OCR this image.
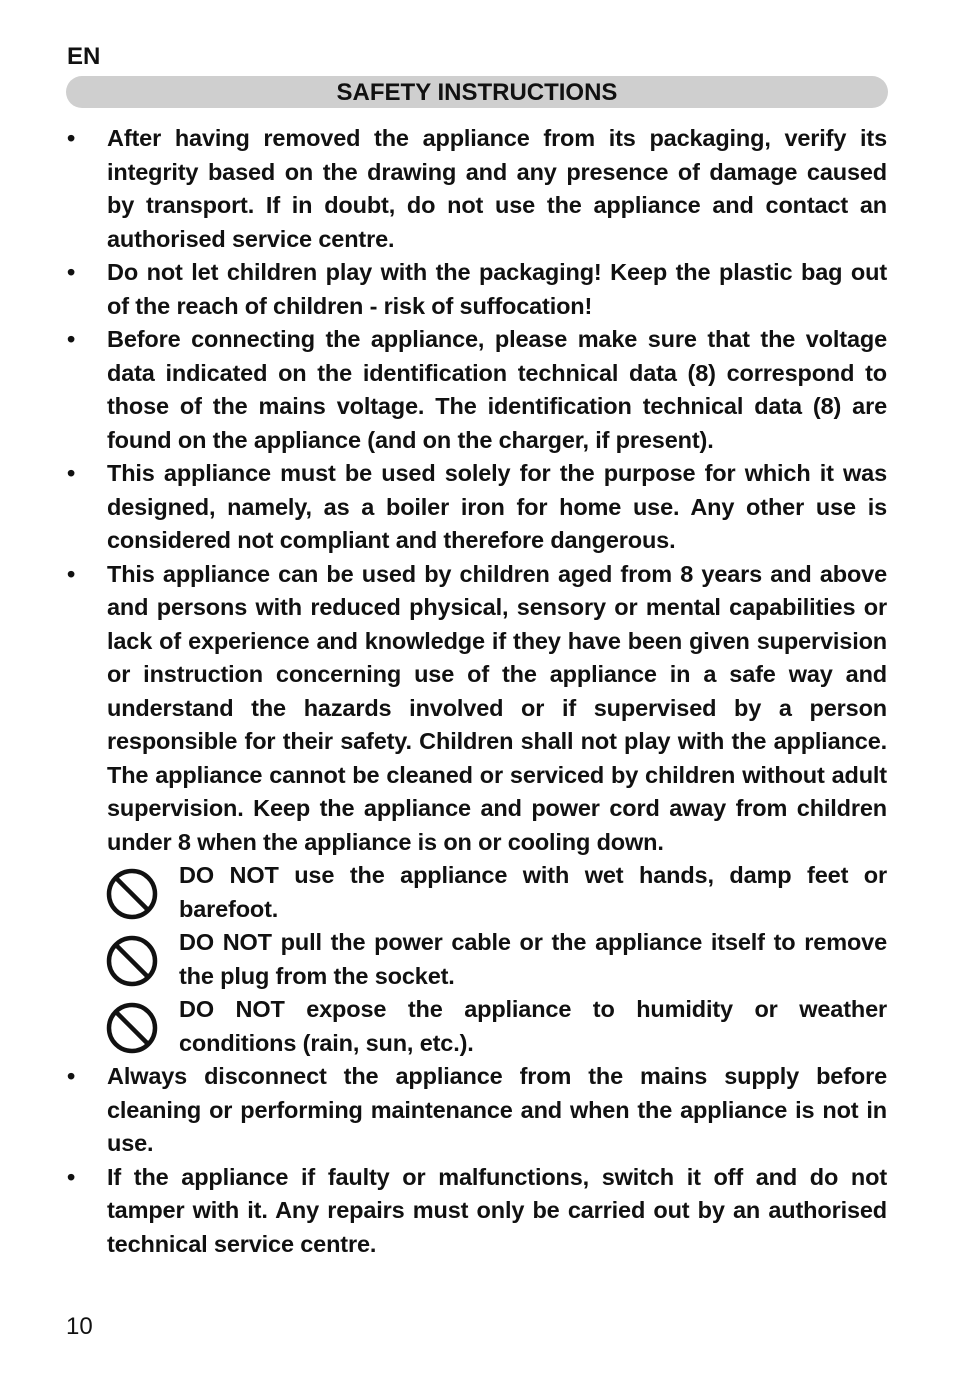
EN
SAFETY INSTRUCTIONS
• After having removed the appliance from its packaging, verify its integrity based on the drawing and any presence of damage caused by transport. If in doubt, do not use the appliance and contact an authorised service centre.
• Do not let children play with the packaging! Keep the plastic bag out of the reach of children - risk of suffocation!
• Before connecting the appliance, please make sure that the voltage data indicated on the identification technical data (8) correspond to those of the mains voltage. The identification technical data (8) are found on the appliance (and on the charger, if present).
• This appliance must be used solely for the purpose for which it was designed, namely, as a boiler iron for home use. Any other use is considered not compliant and therefore dangerous.
• This appliance can be used by children aged from 8 years and above and persons with reduced physical, sensory or mental capabilities or lack of experience and knowledge if they have been given supervision or instruction concerning use of the appliance in a safe way and understand the hazards involved or if supervised by a person responsible for their safety. Children shall not play with the appliance. The appliance cannot be cleaned or serviced by children without adult supervision. Keep the appliance and power cord away from children under 8 when the appliance is on or cooling down.
DO NOT use the appliance with wet hands, damp feet or barefoot.
DO NOT pull the power cable or the appliance itself to remove the plug from the socket.
DO NOT expose the appliance to humidity or weather conditions (rain, sun, etc.).
• Always disconnect the appliance from the mains supply before cleaning or performing maintenance and when the appliance is not in use.
• If the appliance if faulty or malfunctions, switch it off and do not tamper with it. Any repairs must only be carried out by an authorised technical service centre.
10
